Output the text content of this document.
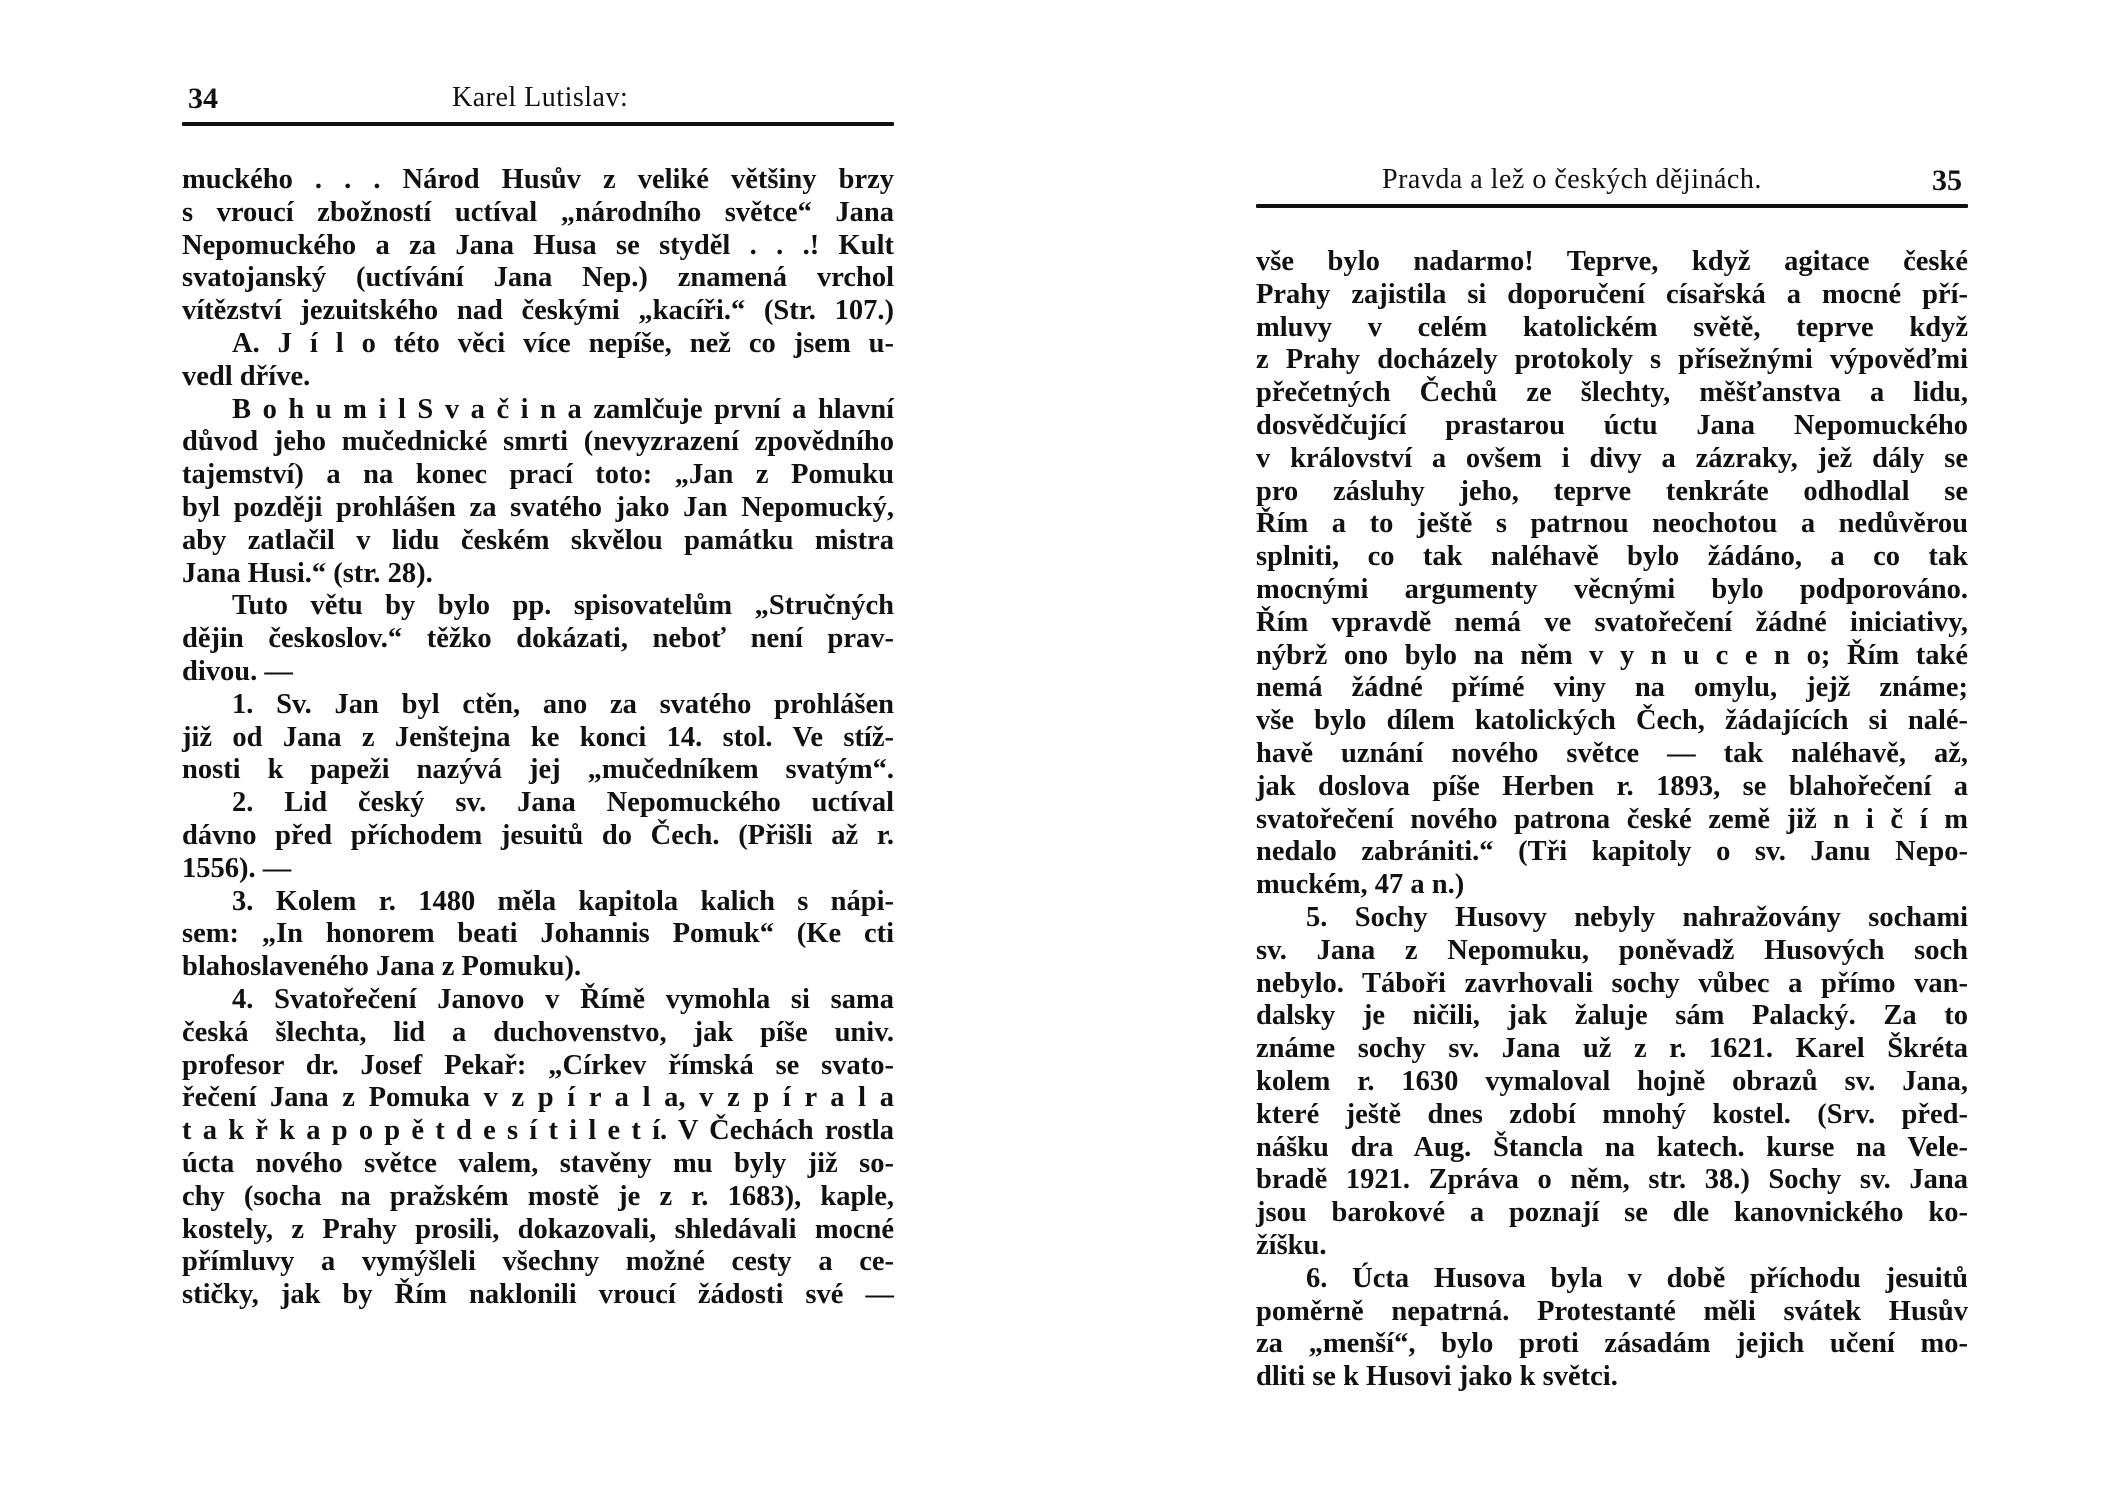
34	Karel Lutislav:
muckého . . . Národ Husův z veliké většiny brzy
s vroucí zbožností uctíval „národního světce“ Jana
Nepomuckého a za Jana Husa se styděl . . .! Kult
svatojanský (uctívání Jana Nep.) znamená vrchol
vítězství jezuitského nad českými „kacíři.“ (Str. 107.)
A. J í l o této věci více nepíše, než co jsem u-
vedl dříve.
B o h u m i l S v a č i n a zamlčuje první a hlavní
důvod jeho mučednické smrti (nevyzrazení zpovědního
tajemství) a na konec prací toto: „Jan z Pomuku
byl později prohlášen za svatého jako Jan Nepomucký,
aby zatlačil v lidu českém skvělou památku mistra
Jana Husi.“ (str. 28).
Tuto větu by bylo pp. spisovatelům „Stručných
dějin českoslov.“ těžko dokázati, neboť není prav-
divou. —
1. Sv. Jan byl ctěn, ano za svatého prohlášen
již od Jana z Jenštejna ke konci 14. stol. Ve stíž-
nosti k papeži nazývá jej „mučedníkem svatým“.
2. Lid český sv. Jana Nepomuckého uctíval
dávno před příchodem jesuitů do Čech. (Přišli až r.
1556). —
3. Kolem r. 1480 měla kapitola kalich s nápi-
sem: „In honorem beati Johannis Pomuk“ (Ke cti
blahoslaveného Jana z Pomuku).
4. Svatořečení Janovo v Římě vymohla si sama
česká šlechta, lid a duchovenstvo, jak píše univ.
profesor dr. Josef Pekař: „Církev římská se svato-
řečení Jana z Pomuka v z p í r a l a, v z p í r a l a
t a k ř k a p o p ě t d e s í t i l e t í. V Čechách rostla
úcta nového světce valem, stavěny mu byly již so-
chy (socha na pražském mostě je z r. 1683), kaple,
kostely, z Prahy prosili, dokazovali, shledávali mocné
přímluvy a vymýšleli všechny možné cesty a ce-
stičky, jak by Řím naklonili vroucí žádosti své —
Pravda a lež o českých dějinách.	35
vše bylo nadarmo! Teprve, když agitace české
Prahy zajistila si doporučení císařská a mocné pří-
mluvy v celém katolickém světě, teprve když
z Prahy docházely protokoly s přísežnými výpověďmi
přečetných Čechů ze šlechty, měšťanstva a lidu,
dosvědčující prastarou úctu Jana Nepomuckého
v království a ovšem i divy a zázraky, jež dály se
pro zásluhy jeho, teprve tenkráte odhodlal se
Řím a to ještě s patrnou neochotou a nedůvěrou
splniti, co tak naléhavě bylo žádáno, a co tak
mocnými argumenty věcnými bylo podporováno.
Řím vpravdě nemá ve svatořečení žádné iniciativy,
nýbrž ono bylo na něm v y n u c e n o; Řím také
nemá žádné přímé viny na omylu, jejž známe;
vše bylo dílem katolických Čech, žádajících si nalé-
havě uznání nového světce — tak naléhavě, až,
jak doslova píše Herben r. 1893, se blahořečení a
svatořečení nového patrona české země již n i č í m
nedalo zabrániti.“ (Tři kapitoly o sv. Janu Nepo-
muckém, 47 a n.)
5. Sochy Husovy nebyly nahražovány sochami
sv. Jana z Nepomuku, poněvadž Husových soch
nebylo. Táboři zavrhovali sochy vůbec a přímo van-
dalsky je ničili, jak žaluje sám Palacký. Za to
známe sochy sv. Jana už z r. 1621. Karel Škréta
kolem r. 1630 vymaloval hojně obrazů sv. Jana,
které ještě dnes zdobí mnohý kostel. (Srv. před-
nášku dra Aug. Štancla na katech. kurse na Vele-
bradě 1921. Zpráva o něm, str. 38.) Sochy sv. Jana
jsou barokové a poznají se dle kanovnického ko-
žíšku.
6. Úcta Husova byla v době příchodu jesuitů
poměrně nepatrná. Protestanté měli svátek Husův
za „menší“, bylo proti zásadám jejich učení mo-
dliti se k Husovi jako k světci.
